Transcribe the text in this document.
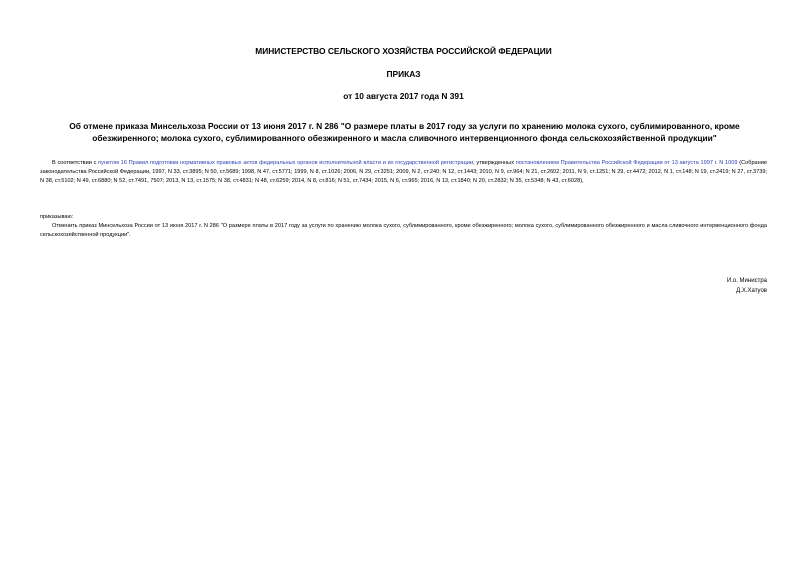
МИНИСТЕРСТВО СЕЛЬСКОГО ХОЗЯЙСТВА РОССИЙСКОЙ ФЕДЕРАЦИИ
ПРИКАЗ
от 10 августа 2017 года N 391
Об отмене приказа Минсельхоза России от 13 июня 2017 г. N 286 "О размере платы в 2017 году за услуги по хранению молока сухого, сублимированного, кроме обезжиренного; молока сухого, сублимированного обезжиренного и масла сливочного интервенционного фонда сельскохозяйственной продукции"
В соответствии с пунктом 16 Правил подготовки нормативных правовых актов федеральных органов исполнительной власти и их государственной регистрации, утвержденных постановлением Правительства Российской Федерации от 13 августа 1997 г. N 1009 (Собрание законодательства Российской Федерации, 1997, N 33, ст.3895; N 50, ст.5689; 1998, N 47, ст.5771; 1999, N 8, ст.1026; 2006, N 29, ст.3251; 2009, N 2, ст.240; N 12, ст.1443; 2010, N 9, ст.964; N 21, ст.2602; 2011, N 9, ст.1251; N 29, ст.4472; 2012, N 1, ст.148; N 19, ст.2419; N 27, ст.3739; N 38, ст.5102; N 49, ст.6880; N 52, ст.7491, 7507; 2013, N 13, ст.1575; N 38, ст.4831; N 48, ст.6259; 2014, N 8, ст.816; N 51, ст.7434; 2015, N 6, ст.965; 2016, N 13, ст.1840; N 20, ст.2832; N 35, ст.5348; N 43, ст.6028),
приказываю:
Отменить приказ Минсельхоза России от 13 июня 2017 г. N 286 "О размере платы в 2017 году за услуги по хранению молока сухого, сублимированного, кроме обезжиренного; молока сухого, сублимированного обезжиренного и масла сливочного интервенционного фонда сельскохозяйственной продукции".
И.о. Министра
Д.Х.Хатуов
